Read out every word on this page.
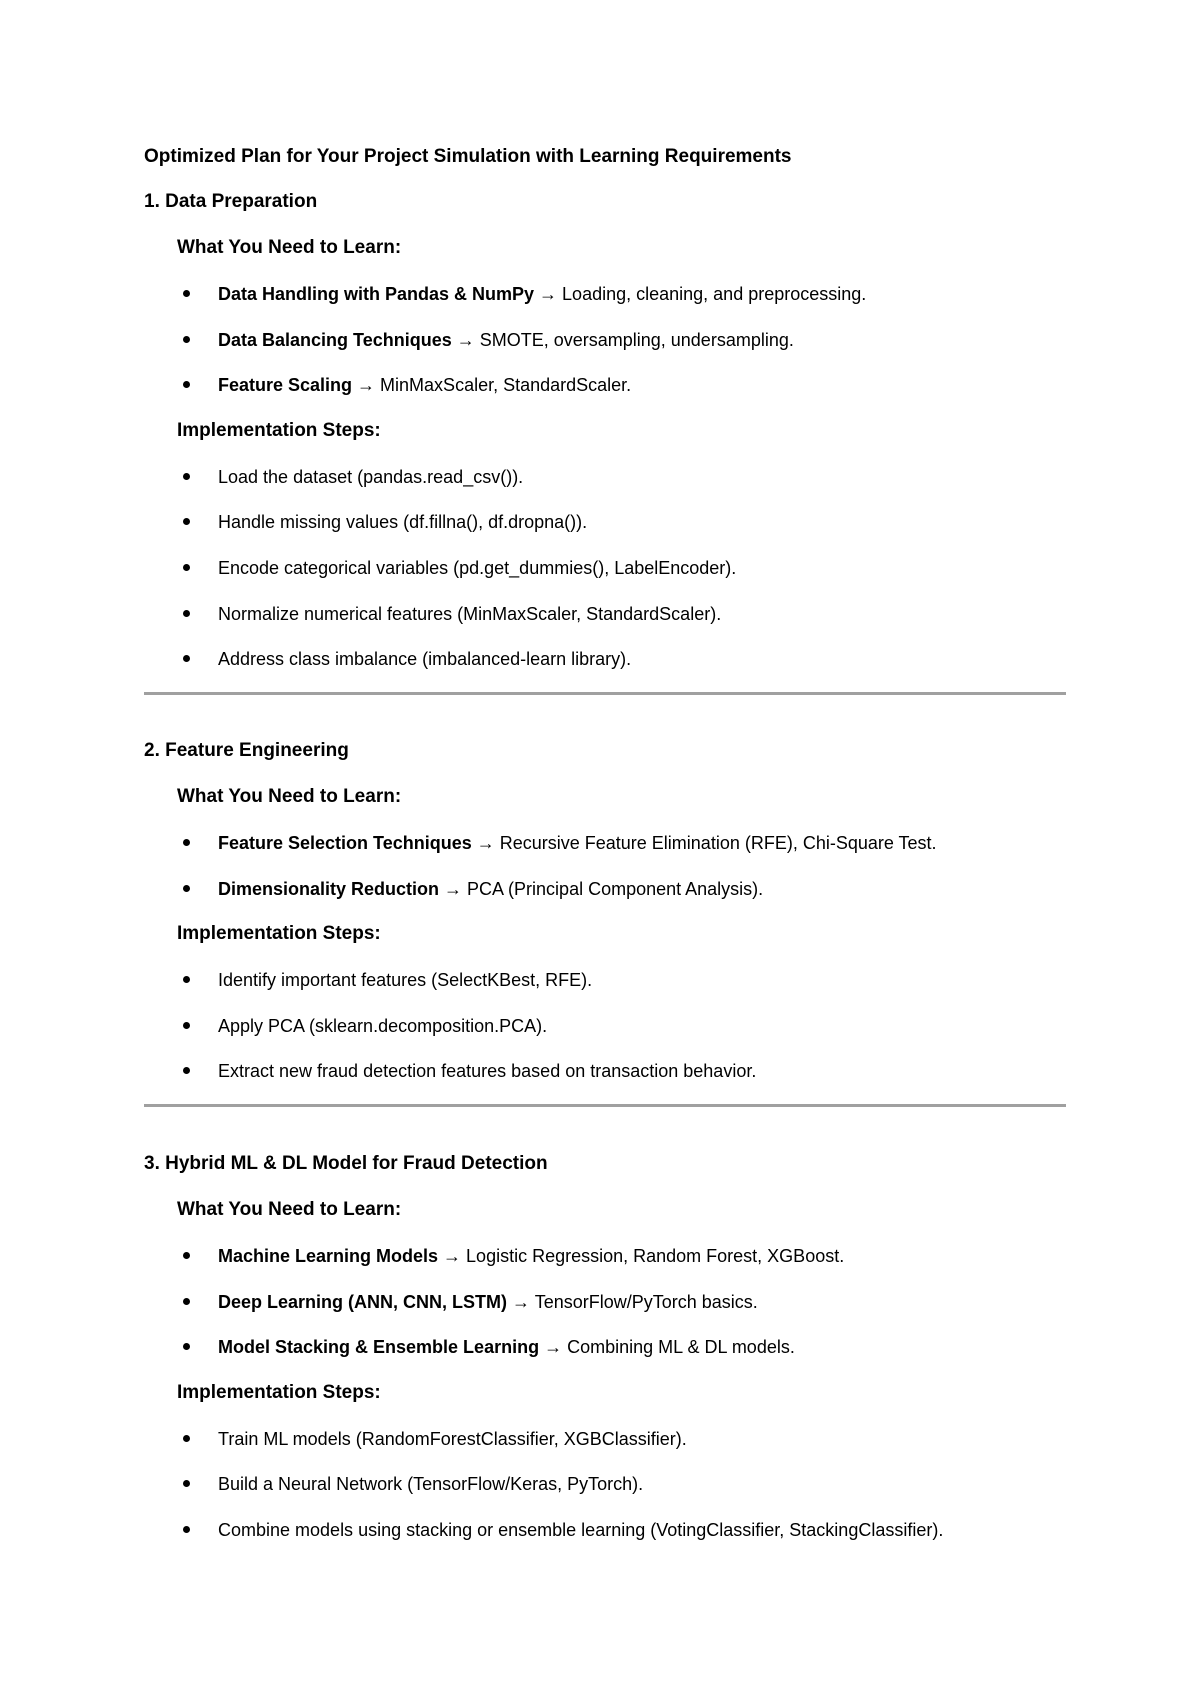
Optimized Plan for Your Project Simulation with Learning Requirements
1. Data Preparation
What You Need to Learn:
Data Handling with Pandas & NumPy → Loading, cleaning, and preprocessing.
Data Balancing Techniques → SMOTE, oversampling, undersampling.
Feature Scaling → MinMaxScaler, StandardScaler.
Implementation Steps:
Load the dataset (pandas.read_csv()).
Handle missing values (df.fillna(), df.dropna()).
Encode categorical variables (pd.get_dummies(), LabelEncoder).
Normalize numerical features (MinMaxScaler, StandardScaler).
Address class imbalance (imbalanced-learn library).
2. Feature Engineering
What You Need to Learn:
Feature Selection Techniques → Recursive Feature Elimination (RFE), Chi-Square Test.
Dimensionality Reduction → PCA (Principal Component Analysis).
Implementation Steps:
Identify important features (SelectKBest, RFE).
Apply PCA (sklearn.decomposition.PCA).
Extract new fraud detection features based on transaction behavior.
3. Hybrid ML & DL Model for Fraud Detection
What You Need to Learn:
Machine Learning Models → Logistic Regression, Random Forest, XGBoost.
Deep Learning (ANN, CNN, LSTM) → TensorFlow/PyTorch basics.
Model Stacking & Ensemble Learning → Combining ML & DL models.
Implementation Steps:
Train ML models (RandomForestClassifier, XGBClassifier).
Build a Neural Network (TensorFlow/Keras, PyTorch).
Combine models using stacking or ensemble learning (VotingClassifier, StackingClassifier).
